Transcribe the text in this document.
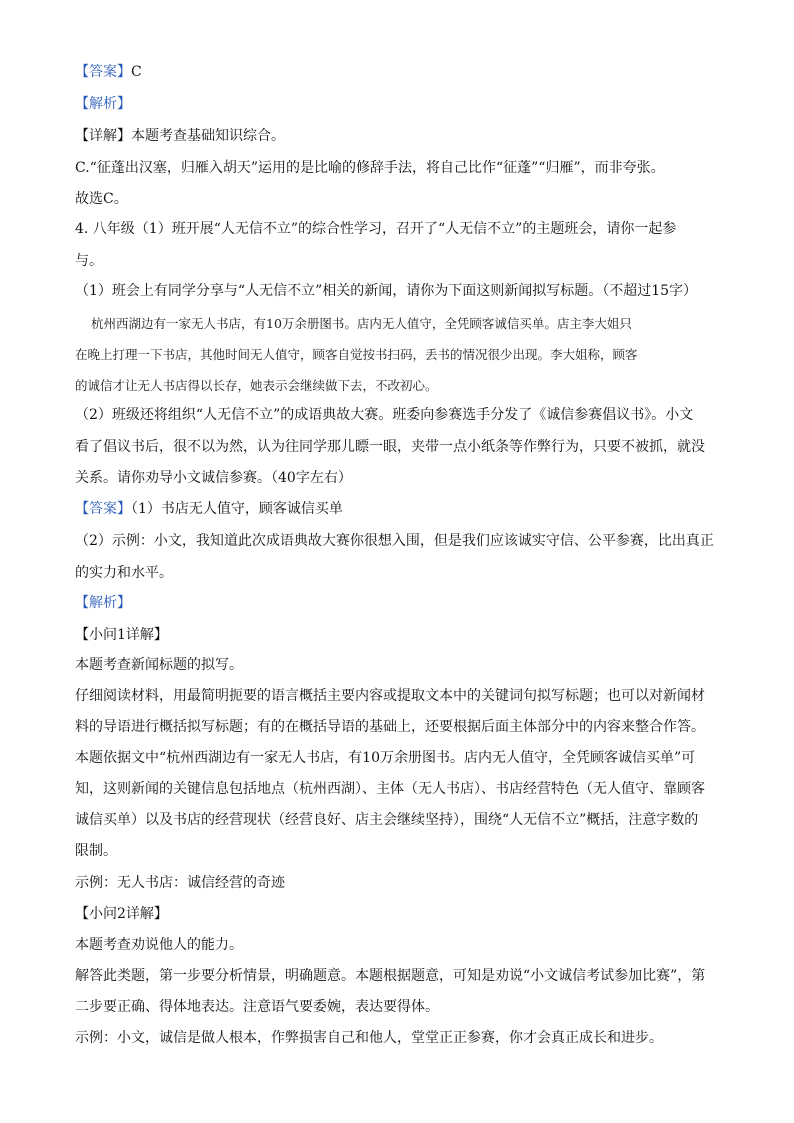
【答案】C
【解析】
【详解】本题考查基础知识综合。
C.“征蓬出汉塞，归雁入胡天”运用的是比喻的修辞手法，将自己比作“征蓬”“归雁”，而非夸张。
故选C。
4. 八年级（1）班开展“人无信不立”的综合性学习，召开了“人无信不立”的主题班会，请你一起参
与。
（1）班会上有同学分享与“人无信不立”相关的新闻，请你为下面这则新闻拟写标题。（不超过15字）
杭州西湖边有一家无人书店，有10万余册图书。店内无人值守，全凭顾客诚信买单。店主李大姐只
在晚上打理一下书店，其他时间无人值守，顾客自觉按书扫码，丢书的情况很少出现。李大姐称，顾客
的诚信才让无人书店得以长存，她表示会继续做下去，不改初心。
（2）班级还将组织“人无信不立”的成语典故大赛。班委向参赛选手分发了《诚信参赛倡议书》。小文
看了倡议书后，很不以为然，认为往同学那儿瞟一眼，夹带一点小纸条等作弊行为，只要不被抓，就没
关系。请你劝导小文诚信参赛。（40字左右）
【答案】（1）书店无人值守，顾客诚信买单
（2）示例：小文，我知道此次成语典故大赛你很想入围，但是我们应该诚实守信、公平参赛，比出真正
的实力和水平。
【解析】
【小问1详解】
本题考查新闻标题的拟写。
仔细阅读材料，用最简明扼要的语言概括主要内容或提取文本中的关键词句拟写标题；也可以对新闻材
料的导语进行概括拟写标题；有的在概括导语的基础上，还要根据后面主体部分中的内容来整合作答。
本题依据文中“杭州西湖边有一家无人书店，有10万余册图书。店内无人值守，全凭顾客诚信买单”可
知，这则新闻的关键信息包括地点（杭州西湖）、主体（无人书店）、书店经营特色（无人值守、靠顾客
诚信买单）以及书店的经营现状（经营良好、店主会继续坚持），围绕“人无信不立”概括，注意字数的
限制。
示例：无人书店：诚信经营的奇迹
【小问2详解】
本题考查劝说他人的能力。
解答此类题，第一步要分析情景，明确题意。本题根据题意，可知是劝说“小文诚信考试参加比赛”，第
二步要正确、得体地表达。注意语气要委婉，表达要得体。
示例：小文，诚信是做人根本，作弊损害自己和他人，堂堂正正参赛，你才会真正成长和进步。
